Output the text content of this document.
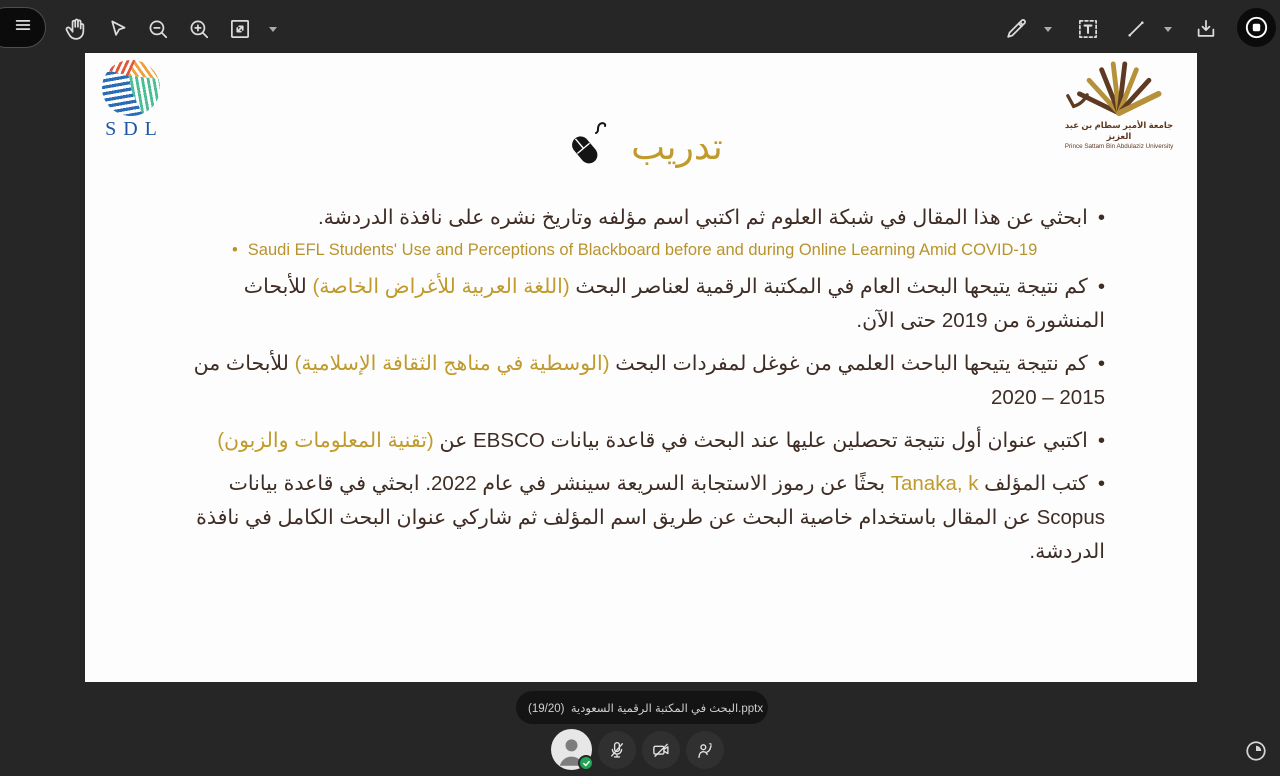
SDL	جامعة الأمير سطام بن عبد العزيز
Prince Sattam Bin Abdulaziz University
تدريب
•ابحثي عن هذا المقال في شبكة العلوم ثم اكتبي اسم مؤلفه وتاريخ نشره على نافذة الدردشة.
• Saudi EFL Students' Use and Perceptions of Blackboard before and during Online Learning Amid COVID-19
•كم نتيجة يتيحها البحث العام في المكتبة الرقمية لعناصر البحث (اللغة العربية للأغراض الخاصة) للأبحاث المنشورة من 2019 حتى الآن.
•كم نتيجة يتيحها الباحث العلمي من غوغل لمفردات البحث (الوسطية في مناهج الثقافة الإسلامية) للأبحاث من 2015 – 2020
•اكتبي عنوان أول نتيجة تحصلين عليها عند البحث في قاعدة بيانات EBSCO عن (تقنية المعلومات والزبون)
•كتب المؤلف Tanaka, k بحثًا عن رموز الاستجابة السريعة سينشر في عام 2022. ابحثي في قاعدة بيانات Scopus عن المقال باستخدام خاصية البحث عن طريق اسم المؤلف ثم شاركي عنوان البحث الكامل في نافذة الدردشة.
(19/20) البحث في المكتبة الرقمية السعودية.pptx
